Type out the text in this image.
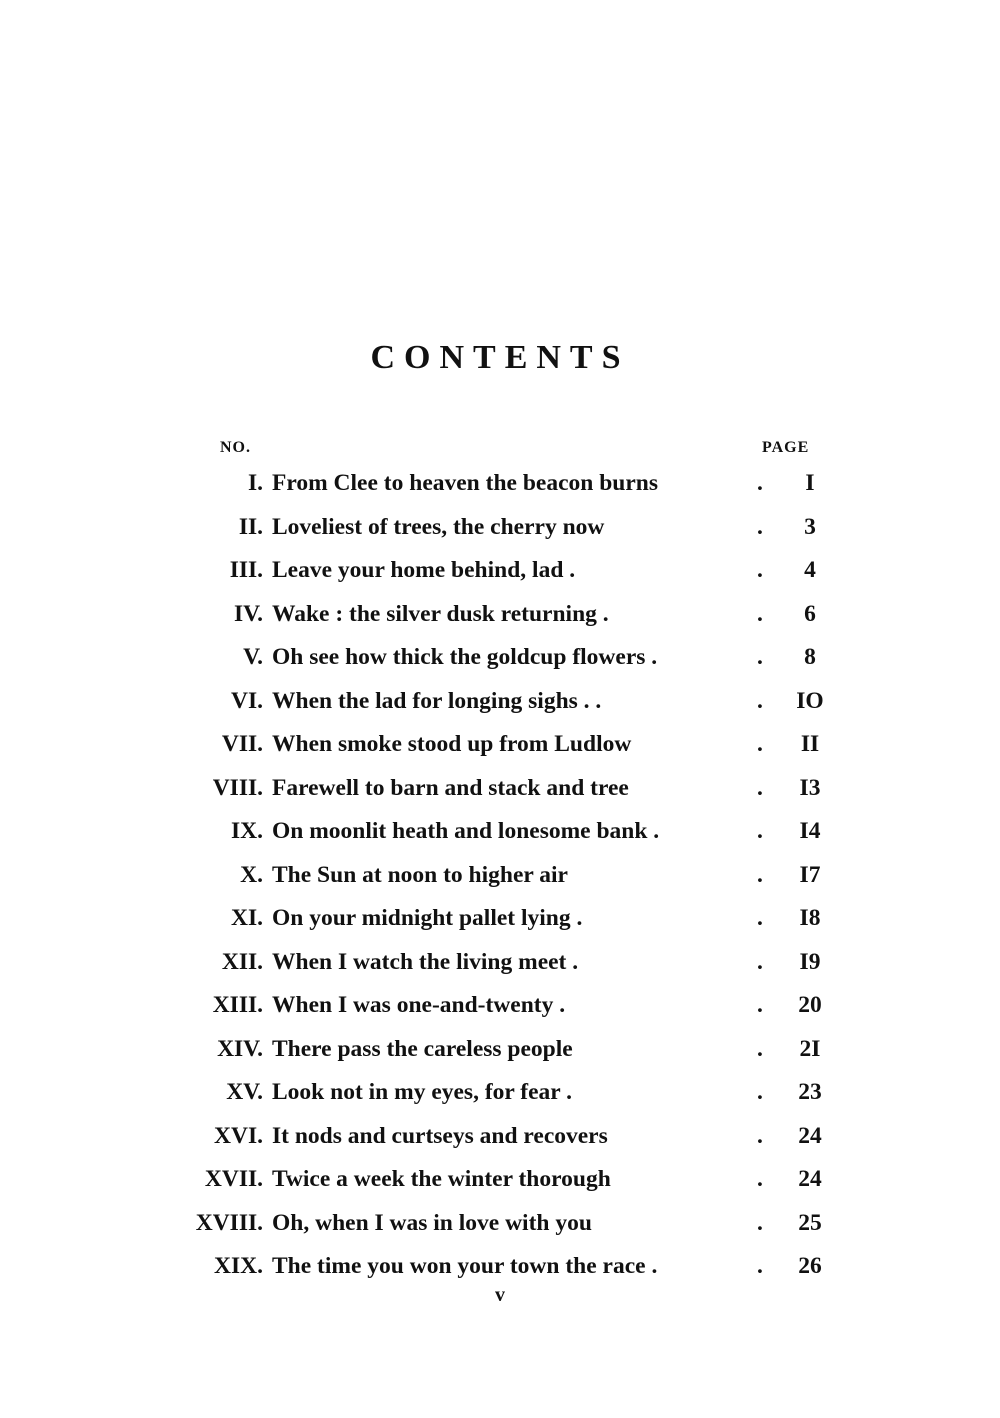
CONTENTS
NO.	PAGE
I. From Clee to heaven the beacon burns	.	I
II. Loveliest of trees, the cherry now	.	3
III. Leave your home behind, lad .	.	4
IV. Wake : the silver dusk returning .	.	6
V. Oh see how thick the goldcup flowers .	.	8
VI. When the lad for longing sighs . .	.	IO
VII. When smoke stood up from Ludlow	.	II
VIII. Farewell to barn and stack and tree	.	I3
IX. On moonlit heath and lonesome bank .	.	I4
X. The Sun at noon to higher air	.	I7
XI. On your midnight pallet lying .	.	I8
XII. When I watch the living meet .	.	I9
XIII. When I was one-and-twenty .	.	20
XIV. There pass the careless people	.	2I
XV. Look not in my eyes, for fear .	.	23
XVI. It nods and curtseys and recovers	.	24
XVII. Twice a week the winter thorough	.	24
XVIII. Oh, when I was in love with you	.	25
XIX. The time you won your town the race .	.	26
v
